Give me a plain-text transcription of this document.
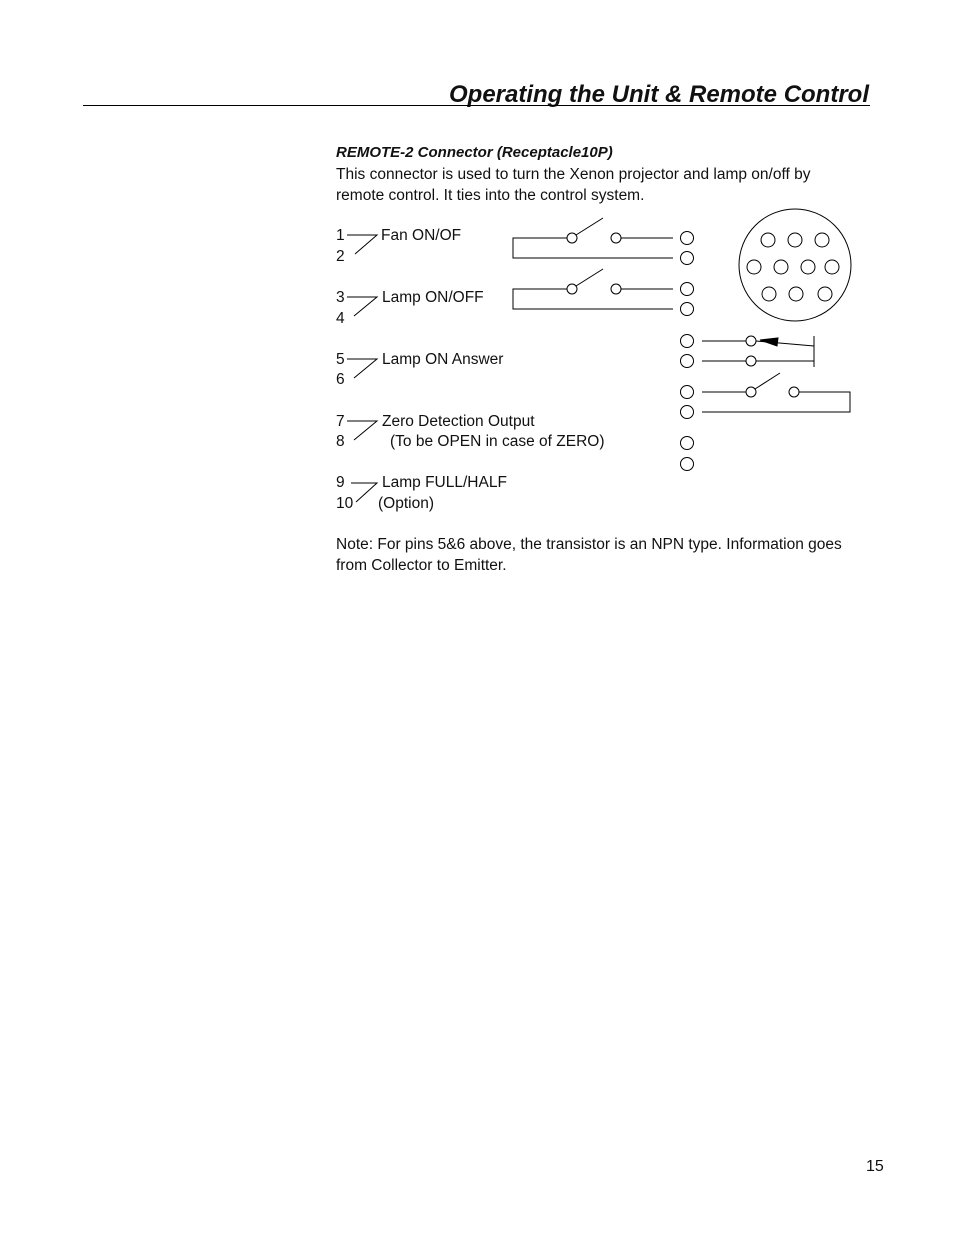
Operating the Unit & Remote Control
REMOTE-2 Connector (Receptacle10P)

This connector is used to turn the Xenon projector and lamp on/off by remote control. It ties into the control system.

1
2
Fan ON/OF
3
4
Lamp ON/OFF
5
6
Lamp ON Answer
7
8
Zero Detection Output
(To be OPEN in case of ZERO)
9
10
Lamp FULL/HALF
(Option)

Note: For pins 5&6 above, the transistor is an NPN type. Information goes from Collector to Emitter.

15
